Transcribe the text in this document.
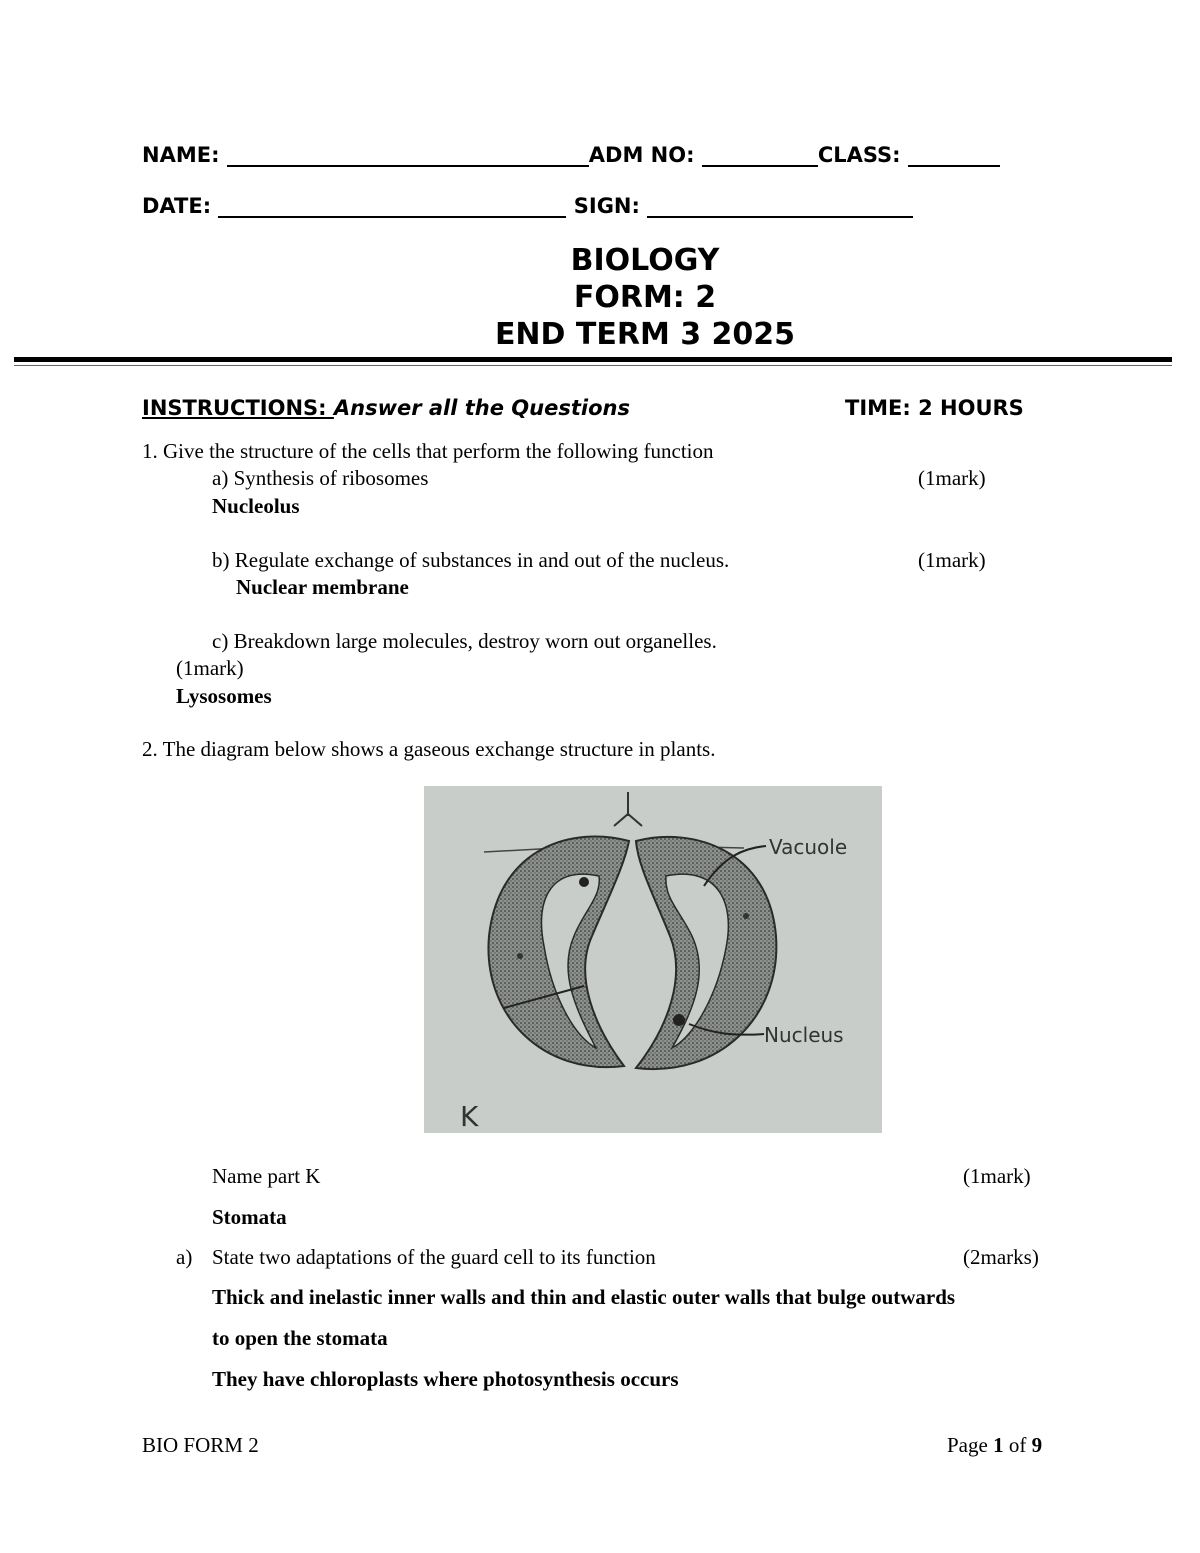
NAME:	ADM NO:	CLASS:
DATE:	SIGN:
BIOLOGY
FORM: 2
END TERM 3 2025
INSTRUCTIONS: Answer all the Questions	TIME: 2 HOURS
1. Give the structure of the cells that perform the following function
a) Synthesis of ribosomes	(1mark)
Nucleolus
b) Regulate exchange of substances in and out of the nucleus.	(1mark)
Nuclear membrane
c) Breakdown large molecules, destroy worn out organelles.
(1mark)
Lysosomes
2. The diagram below shows a gaseous exchange structure in plants.
Vacuole
Nucleus
K
Name part K	(1mark)
Stomata
a) State two adaptations of the guard cell to its function	(2marks)
Thick and inelastic inner walls and thin and elastic outer walls that bulge outwards
to open the stomata
They have chloroplasts where photosynthesis occurs
BIO FORM 2	Page 1 of 9
